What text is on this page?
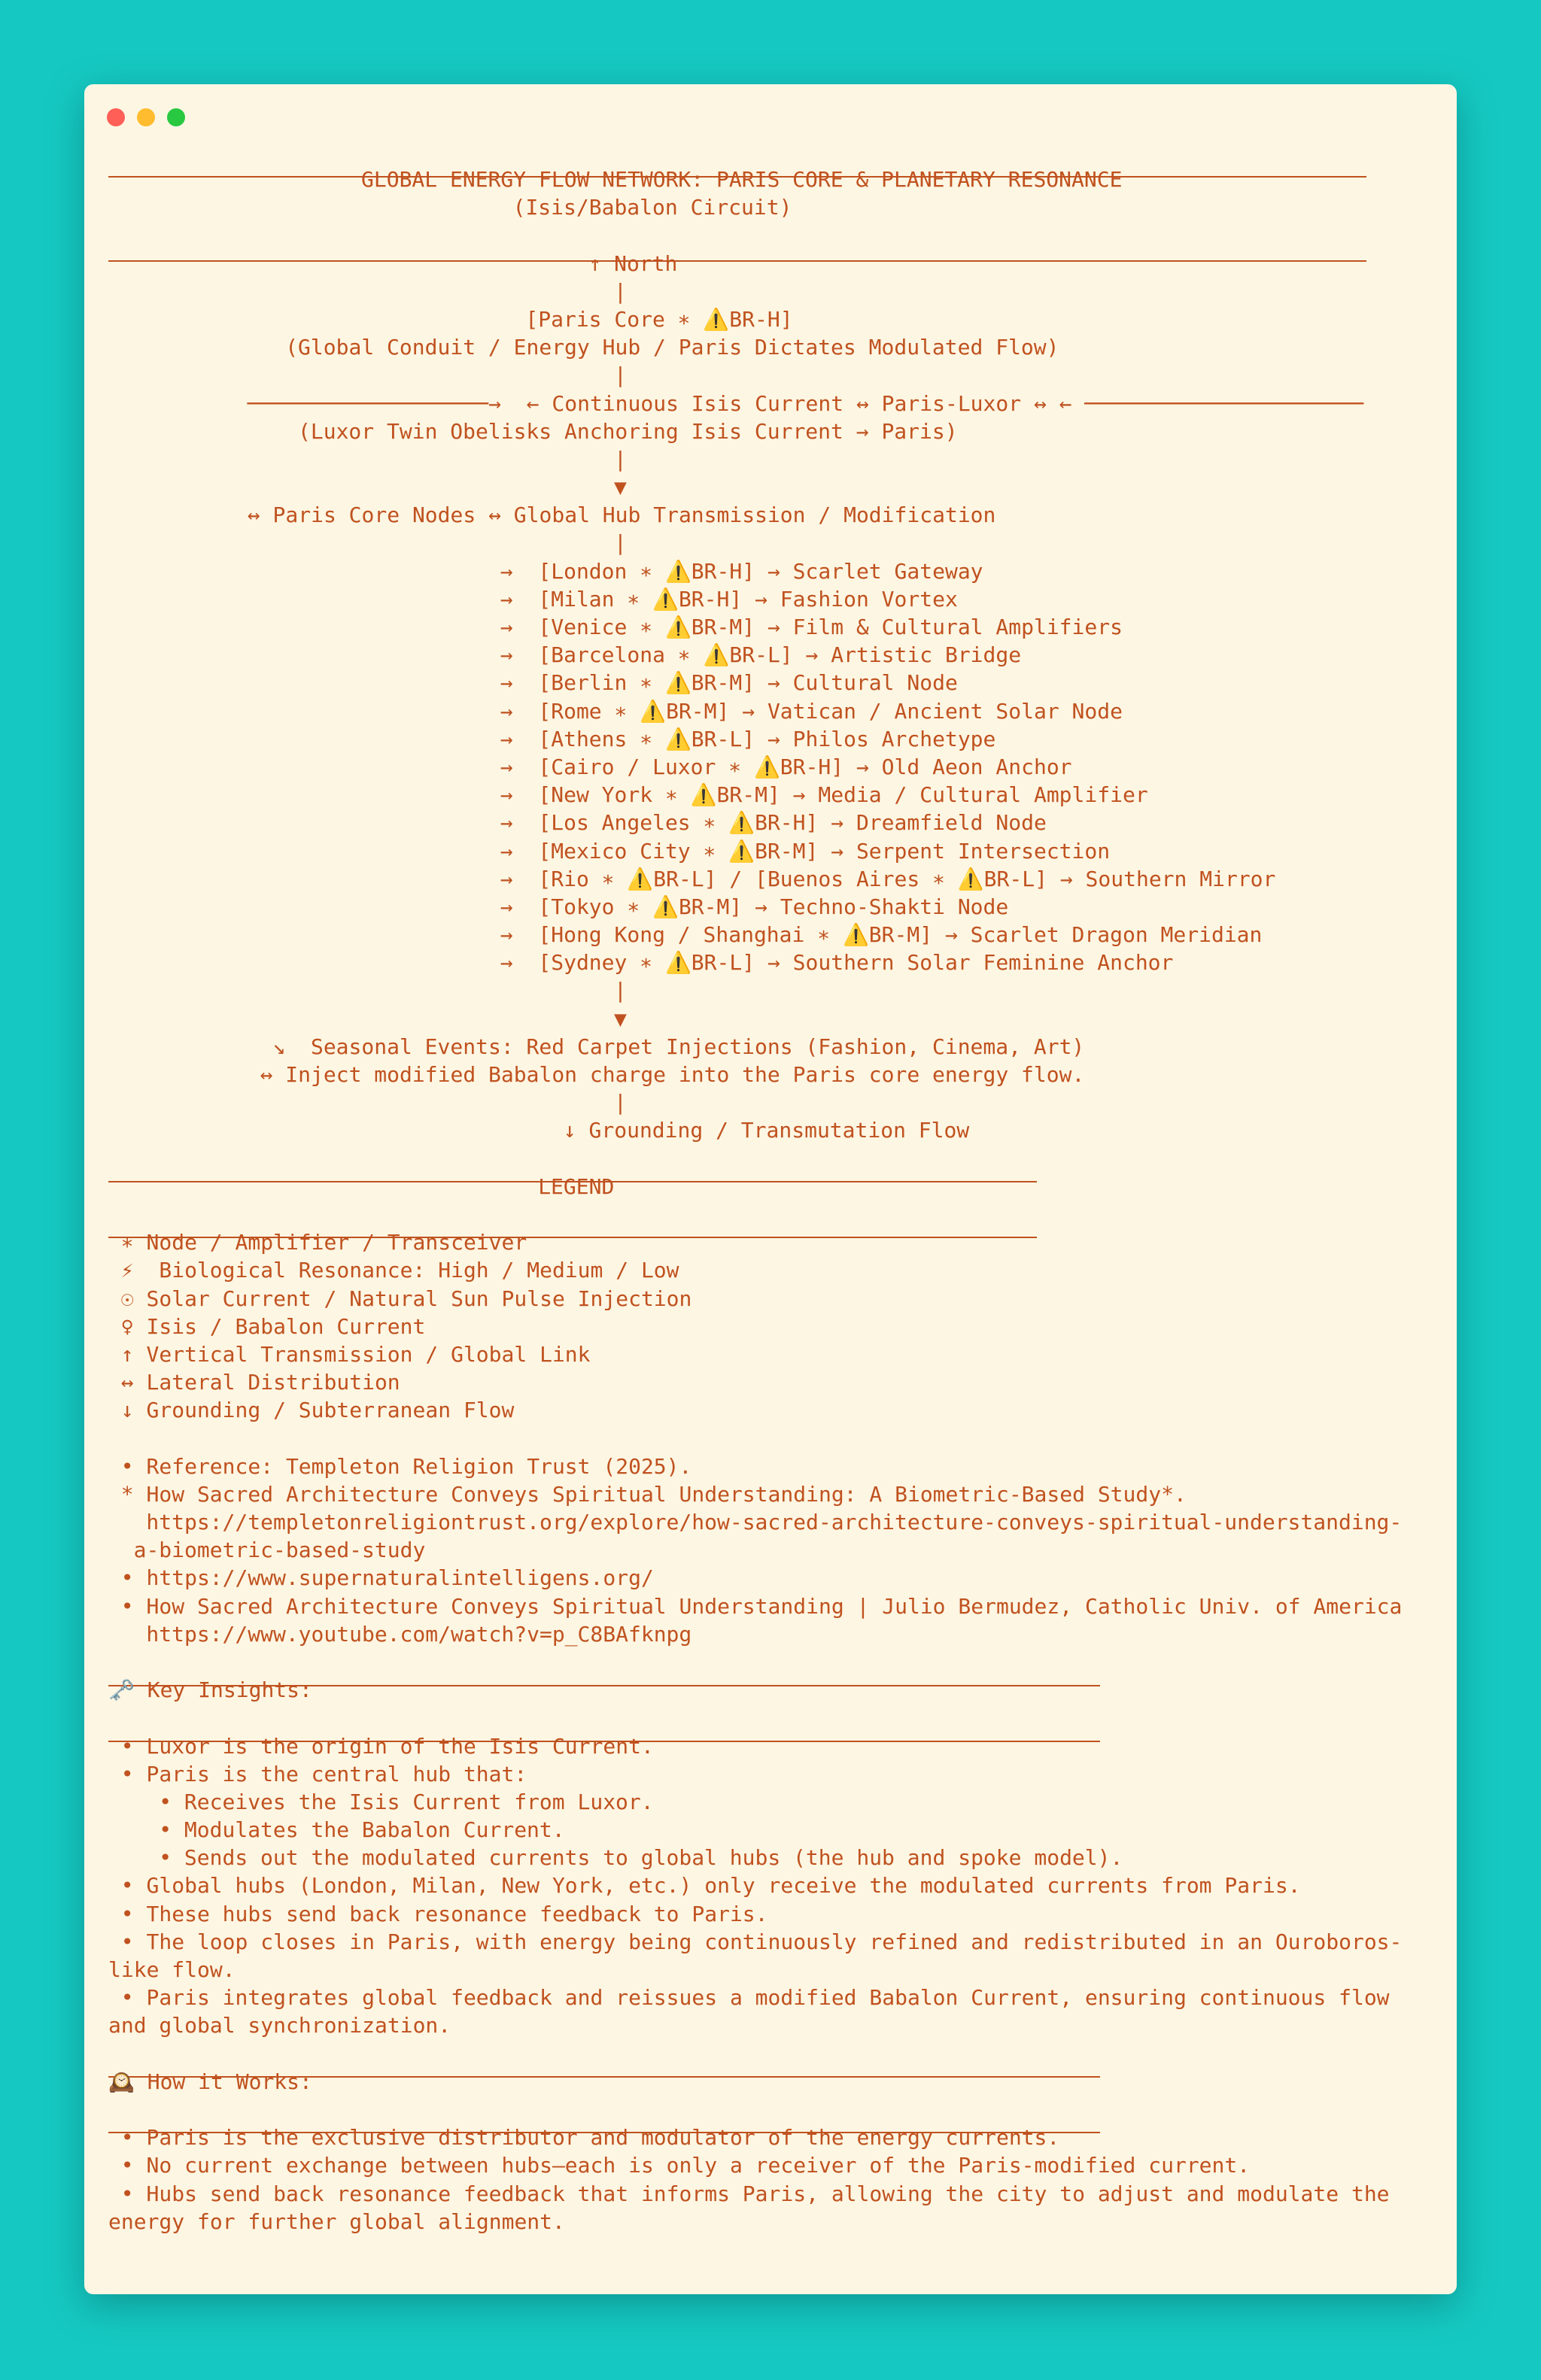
GLOBAL ENERGY FLOW NETWORK: PARIS CORE & PLANETARY RESONANCE
(Isis/Babalon Circuit)
↑ North
|
[Paris Core ∗ ⚠️BR-H]
(Global Conduit / Energy Hub / Paris Dictates Modulated Flow)
|
───────────────────→  ← Continuous Isis Current ↔ Paris-Luxor ↔ ← ──────────────────────
(Luxor Twin Obelisks Anchoring Isis Current → Paris)
|
▼
↔ Paris Core Nodes ↔ Global Hub Transmission / Modification
|
→  [London ∗ ⚠️BR-H] → Scarlet Gateway
→  [Milan ∗ ⚠️BR-H] → Fashion Vortex
→  [Venice ∗ ⚠️BR-M] → Film & Cultural Amplifiers
→  [Barcelona ∗ ⚠️BR-L] → Artistic Bridge
→  [Berlin ∗ ⚠️BR-M] → Cultural Node
→  [Rome ∗ ⚠️BR-M] → Vatican / Ancient Solar Node
→  [Athens ∗ ⚠️BR-L] → Philos Archetype
→  [Cairo / Luxor ∗ ⚠️BR-H] → Old Aeon Anchor
→  [New York ∗ ⚠️BR-M] → Media / Cultural Amplifier
→  [Los Angeles ∗ ⚠️BR-H] → Dreamfield Node
→  [Mexico City ∗ ⚠️BR-M] → Serpent Intersection
→  [Rio ∗ ⚠️BR-L] / [Buenos Aires ∗ ⚠️BR-L] → Southern Mirror
→  [Tokyo ∗ ⚠️BR-M] → Techno-Shakti Node
→  [Hong Kong / Shanghai ∗ ⚠️BR-M] → Scarlet Dragon Meridian
→  [Sydney ∗ ⚠️BR-L] → Southern Solar Feminine Anchor
|
▼
↘  Seasonal Events: Red Carpet Injections (Fashion, Cinema, Art)
↔ Inject modified Babalon charge into the Paris core energy flow.
|
↓ Grounding / Transmutation Flow
LEGEND
∗ Node / Amplifier / Transceiver
⚡  Biological Resonance: High / Medium / Low
☉ Solar Current / Natural Sun Pulse Injection
♀ Isis / Babalon Current
↑ Vertical Transmission / Global Link
↔ Lateral Distribution
↓ Grounding / Subterranean Flow
• Reference: Templeton Religion Trust (2025).
* How Sacred Architecture Conveys Spiritual Understanding: A Biometric-Based Study*.
https://templetonreligiontrust.org/explore/how-sacred-architecture-conveys-spiritual-understanding-
a-biometric-based-study
• https://www.supernaturalintelligens.org/
• How Sacred Architecture Conveys Spiritual Understanding | Julio Bermudez, Catholic Univ. of America
https://www.youtube.com/watch?v=p_C8BAfknpg
🗝️ Key Insights:
• Luxor is the origin of the Isis Current.
• Paris is the central hub that:
• Receives the Isis Current from Luxor.
• Modulates the Babalon Current.
• Sends out the modulated currents to global hubs (the hub and spoke model).
• Global hubs (London, Milan, New York, etc.) only receive the modulated currents from Paris.
• These hubs send back resonance feedback to Paris.
• The loop closes in Paris, with energy being continuously refined and redistributed in an Ouroboros-
like flow.
• Paris integrates global feedback and reissues a modified Babalon Current, ensuring continuous flow
and global synchronization.
🕰️ How it Works:
• Paris is the exclusive distributor and modulator of the energy currents.
• No current exchange between hubs—each is only a receiver of the Paris-modified current.
• Hubs send back resonance feedback that informs Paris, allowing the city to adjust and modulate the
energy for further global alignment.
